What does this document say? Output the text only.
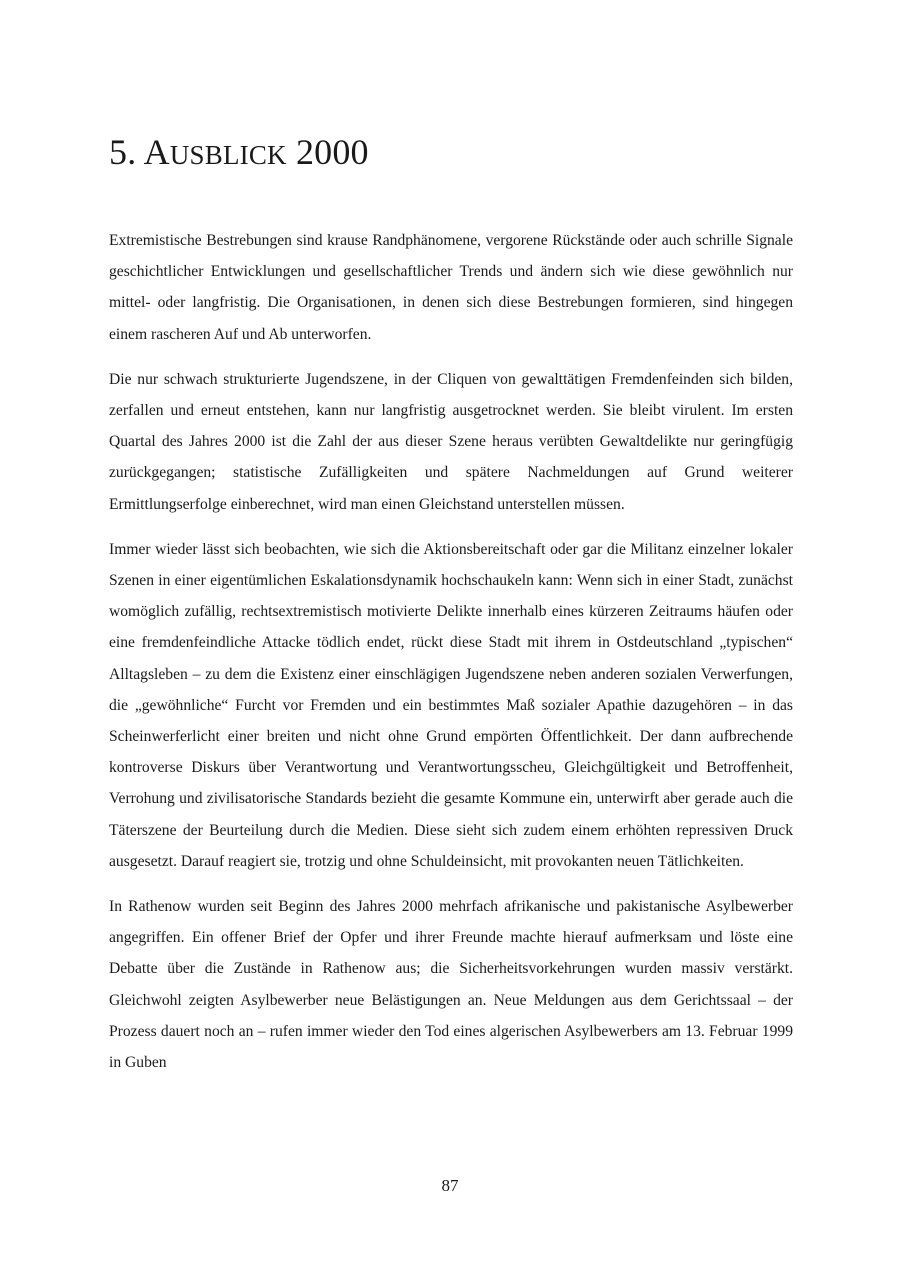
5. AUSBLICK 2000

Extremistische Bestrebungen sind krause Randphänomene, vergorene Rückstände oder auch schrille Signale geschichtlicher Entwicklungen und gesellschaftlicher Trends und ändern sich wie diese gewöhnlich nur mittel- oder langfristig. Die Organisationen, in denen sich diese Bestrebungen formieren, sind hingegen einem rascheren Auf und Ab unterworfen.

Die nur schwach strukturierte Jugendszene, in der Cliquen von gewalttätigen Fremdenfeinden sich bilden, zerfallen und erneut entstehen, kann nur langfristig ausgetrocknet werden. Sie bleibt virulent. Im ersten Quartal des Jahres 2000 ist die Zahl der aus dieser Szene heraus verübten Gewaltdelikte nur geringfügig zurückgegangen; statistische Zufälligkeiten und spätere Nachmeldungen auf Grund weiterer Ermittlungserfolge einberechnet, wird man einen Gleichstand unterstellen müssen.

Immer wieder lässt sich beobachten, wie sich die Aktionsbereitschaft oder gar die Militanz einzelner lokaler Szenen in einer eigentümlichen Eskalationsdynamik hochschaukeln kann: Wenn sich in einer Stadt, zunächst womöglich zufällig, rechtsextremistisch motivierte Delikte innerhalb eines kürzeren Zeitraums häufen oder eine fremdenfeindliche Attacke tödlich endet, rückt diese Stadt mit ihrem in Ostdeutschland „typischen“ Alltagsleben – zu dem die Existenz einer einschlägigen Jugendszene neben anderen sozialen Verwerfungen, die „gewöhnliche“ Furcht vor Fremden und ein bestimmtes Maß sozialer Apathie dazugehören – in das Scheinwerferlicht einer breiten und nicht ohne Grund empörten Öffentlichkeit. Der dann aufbrechende kontroverse Diskurs über Verantwortung und Verantwortungsscheu, Gleichgültigkeit und Betroffenheit, Verrohung und zivilisatorische Standards bezieht die gesamte Kommune ein, unterwirft aber gerade auch die Täterszene der Beurteilung durch die Medien. Diese sieht sich zudem einem erhöhten repressiven Druck ausgesetzt. Darauf reagiert sie, trotzig und ohne Schuldeinsicht, mit provokanten neuen Tätlichkeiten.

In Rathenow wurden seit Beginn des Jahres 2000 mehrfach afrikanische und pakistanische Asylbewerber angegriffen. Ein offener Brief der Opfer und ihrer Freunde machte hierauf aufmerksam und löste eine Debatte über die Zustände in Rathenow aus; die Sicherheitsvorkehrungen wurden massiv verstärkt. Gleichwohl zeigten Asylbewerber neue Belästigungen an. Neue Meldungen aus dem Gerichtssaal – der Prozess dauert noch an – rufen immer wieder den Tod eines algerischen Asylbewerbers am 13. Februar 1999 in Guben

87
